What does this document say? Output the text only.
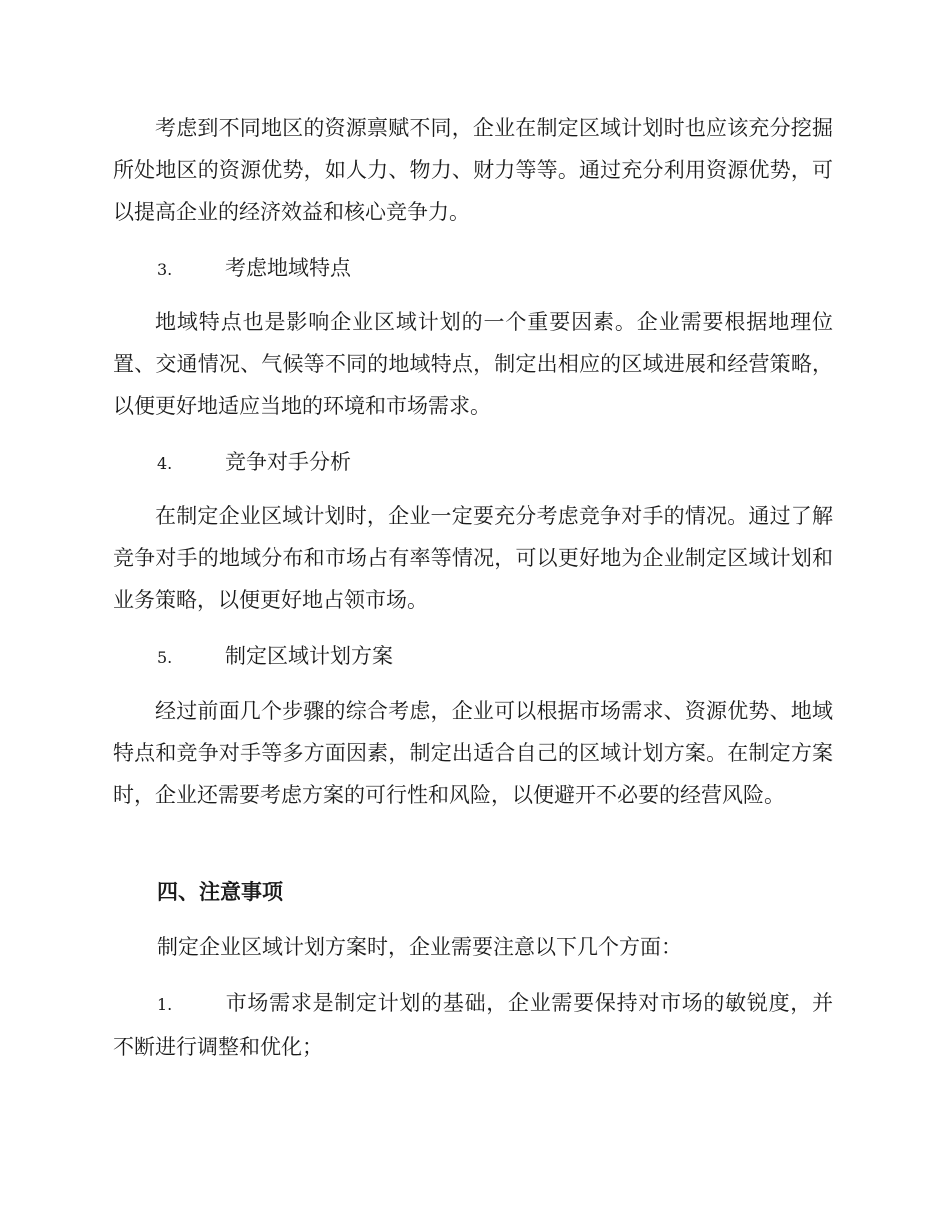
考虑到不同地区的资源禀赋不同，企业在制定区域计划时也应该充分挖掘所处地区的资源优势，如人力、物力、财力等等。通过充分利用资源优势，可以提高企业的经济效益和核心竞争力。

3.	考虑地域特点

地域特点也是影响企业区域计划的一个重要因素。企业需要根据地理位置、交通情况、气候等不同的地域特点，制定出相应的区域进展和经营策略，以便更好地适应当地的环境和市场需求。

4.	竞争对手分析

在制定企业区域计划时，企业一定要充分考虑竞争对手的情况。通过了解竞争对手的地域分布和市场占有率等情况，可以更好地为企业制定区域计划和业务策略，以便更好地占领市场。

5.	制定区域计划方案

经过前面几个步骤的综合考虑，企业可以根据市场需求、资源优势、地域特点和竞争对手等多方面因素，制定出适合自己的区域计划方案。在制定方案时，企业还需要考虑方案的可行性和风险，以便避开不必要的经营风险。

四、注意事项

制定企业区域计划方案时，企业需要注意以下几个方面：

1.	市场需求是制定计划的基础，企业需要保持对市场的敏锐度，并不断进行调整和优化；
